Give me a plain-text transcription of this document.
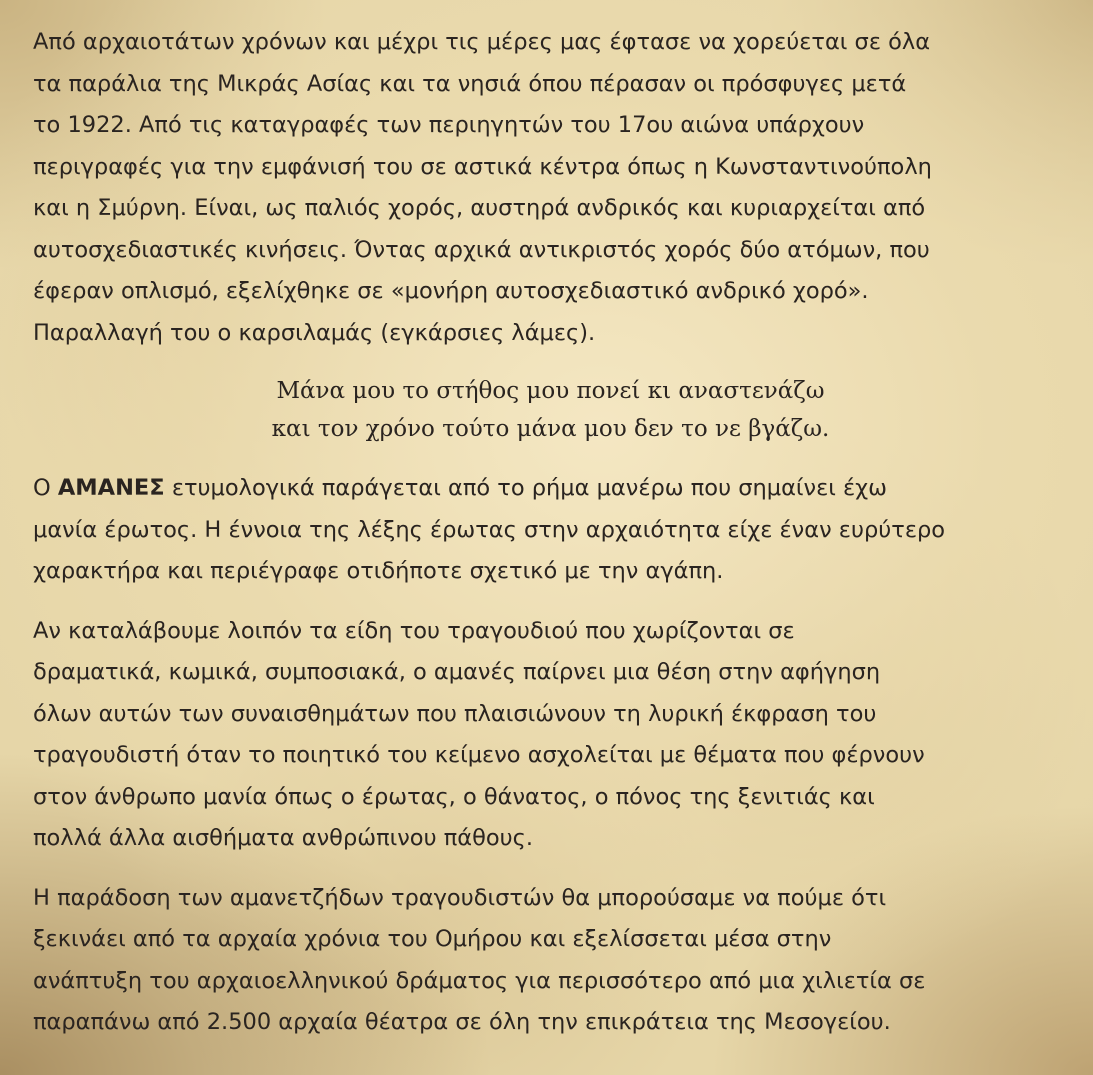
Από αρχαιοτάτων χρόνων και μέχρι τις μέρες μας έφτασε να χορεύεται σε όλα
τα παράλια της Μικράς Ασίας και τα νησιά όπου πέρασαν οι πρόσφυγες μετά
το 1922. Από τις καταγραφές των περιηγητών του 17ου αιώνα υπάρχουν
περιγραφές για την εμφάνισή του σε αστικά κέντρα όπως η Κωνσταντινούπολη
και η Σμύρνη. Είναι, ως παλιός χορός, αυστηρά ανδρικός και κυριαρχείται από
αυτοσχεδιαστικές κινήσεις. Όντας αρχικά αντικριστός χορός δύο ατόμων, που
έφεραν οπλισμό, εξελίχθηκε σε «μονήρη αυτοσχεδιαστικό ανδρικό χορό».
Παραλλαγή του ο καρσιλαμάς (εγκάρσιες λάμες).

Μάνα μου το στήθος μου πονεί κι αναστενάζω
και τον χρόνο τούτο μάνα μου δεν το νε βγάζω.

Ο ΑΜΑΝΕΣ ετυμολογικά παράγεται από το ρήμα μανέρω που σημαίνει έχω
μανία έρωτος. Η έννοια της λέξης έρωτας στην αρχαιότητα είχε έναν ευρύτερο
χαρακτήρα και περιέγραφε οτιδήποτε σχετικό με την αγάπη.

Αν καταλάβουμε λοιπόν τα είδη του τραγουδιού που χωρίζονται σε
δραματικά, κωμικά, συμποσιακά, ο αμανές παίρνει μια θέση στην αφήγηση
όλων αυτών των συναισθημάτων που πλαισιώνουν τη λυρική έκφραση του
τραγουδιστή όταν το ποιητικό του κείμενο ασχολείται με θέματα που φέρνουν
στον άνθρωπο μανία όπως ο έρωτας, ο θάνατος, ο πόνος της ξενιτιάς και
πολλά άλλα αισθήματα ανθρώπινου πάθους.

Η παράδοση των αμανετζήδων τραγουδιστών θα μπορούσαμε να πούμε ότι
ξεκινάει από τα αρχαία χρόνια του Ομήρου και εξελίσσεται μέσα στην
ανάπτυξη του αρχαιοελληνικού δράματος για περισσότερο από μια χιλιετία σε
παραπάνω από 2.500 αρχαία θέατρα σε όλη την επικράτεια της Μεσογείου.
